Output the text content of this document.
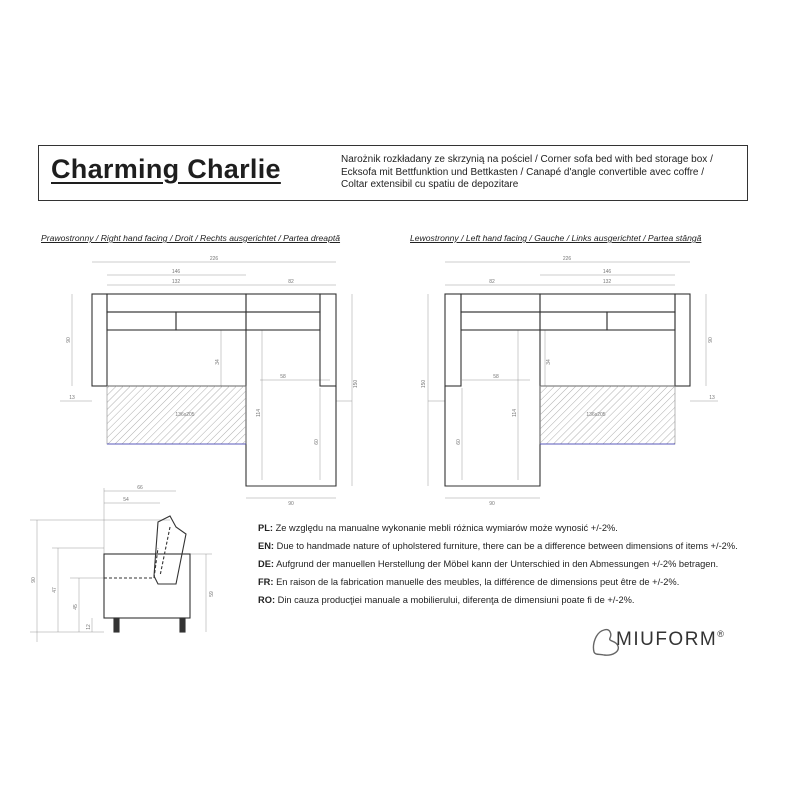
Charming Charlie	Narożnik rozkładany ze skrzynią na pościel / Corner sofa bed with bed storage box /
Ecksofa mit Bettfunktion und Bettkasten / Canapé d'angle convertible avec coffre /
Coltar extensibil cu spatiu de depozitare
Prawostronny / Right hand facing / Droit / Rechts ausgerichtet / Partea dreaptă	Lewostronny / Left hand facing / Gauche / Links ausgerichtet / Partea stângă
226
146
132	82
90
150
34
58
114
60
90
13
136x205
226
146
82	132
90
150
34
58
114
60
90
13
136x205
66
54
90
47
45
12
59
PL: Ze względu na manualne wykonanie mebli różnica wymiarów może wynosić +/-2%.
EN: Due to handmade nature of upholstered furniture, there can be a difference between dimensions of items +/-2%.
DE: Aufgrund der manuellen Herstellung der Möbel kann der Unterschied in den Abmessungen +/-2% betragen.
FR: En raison de la fabrication manuelle des meubles, la différence de dimensions peut être de +/-2%.
RO: Din cauza producţiei manuale a mobilierului, diferenţa de dimensiuni poate fi de +/-2%.
MIUFORM®
